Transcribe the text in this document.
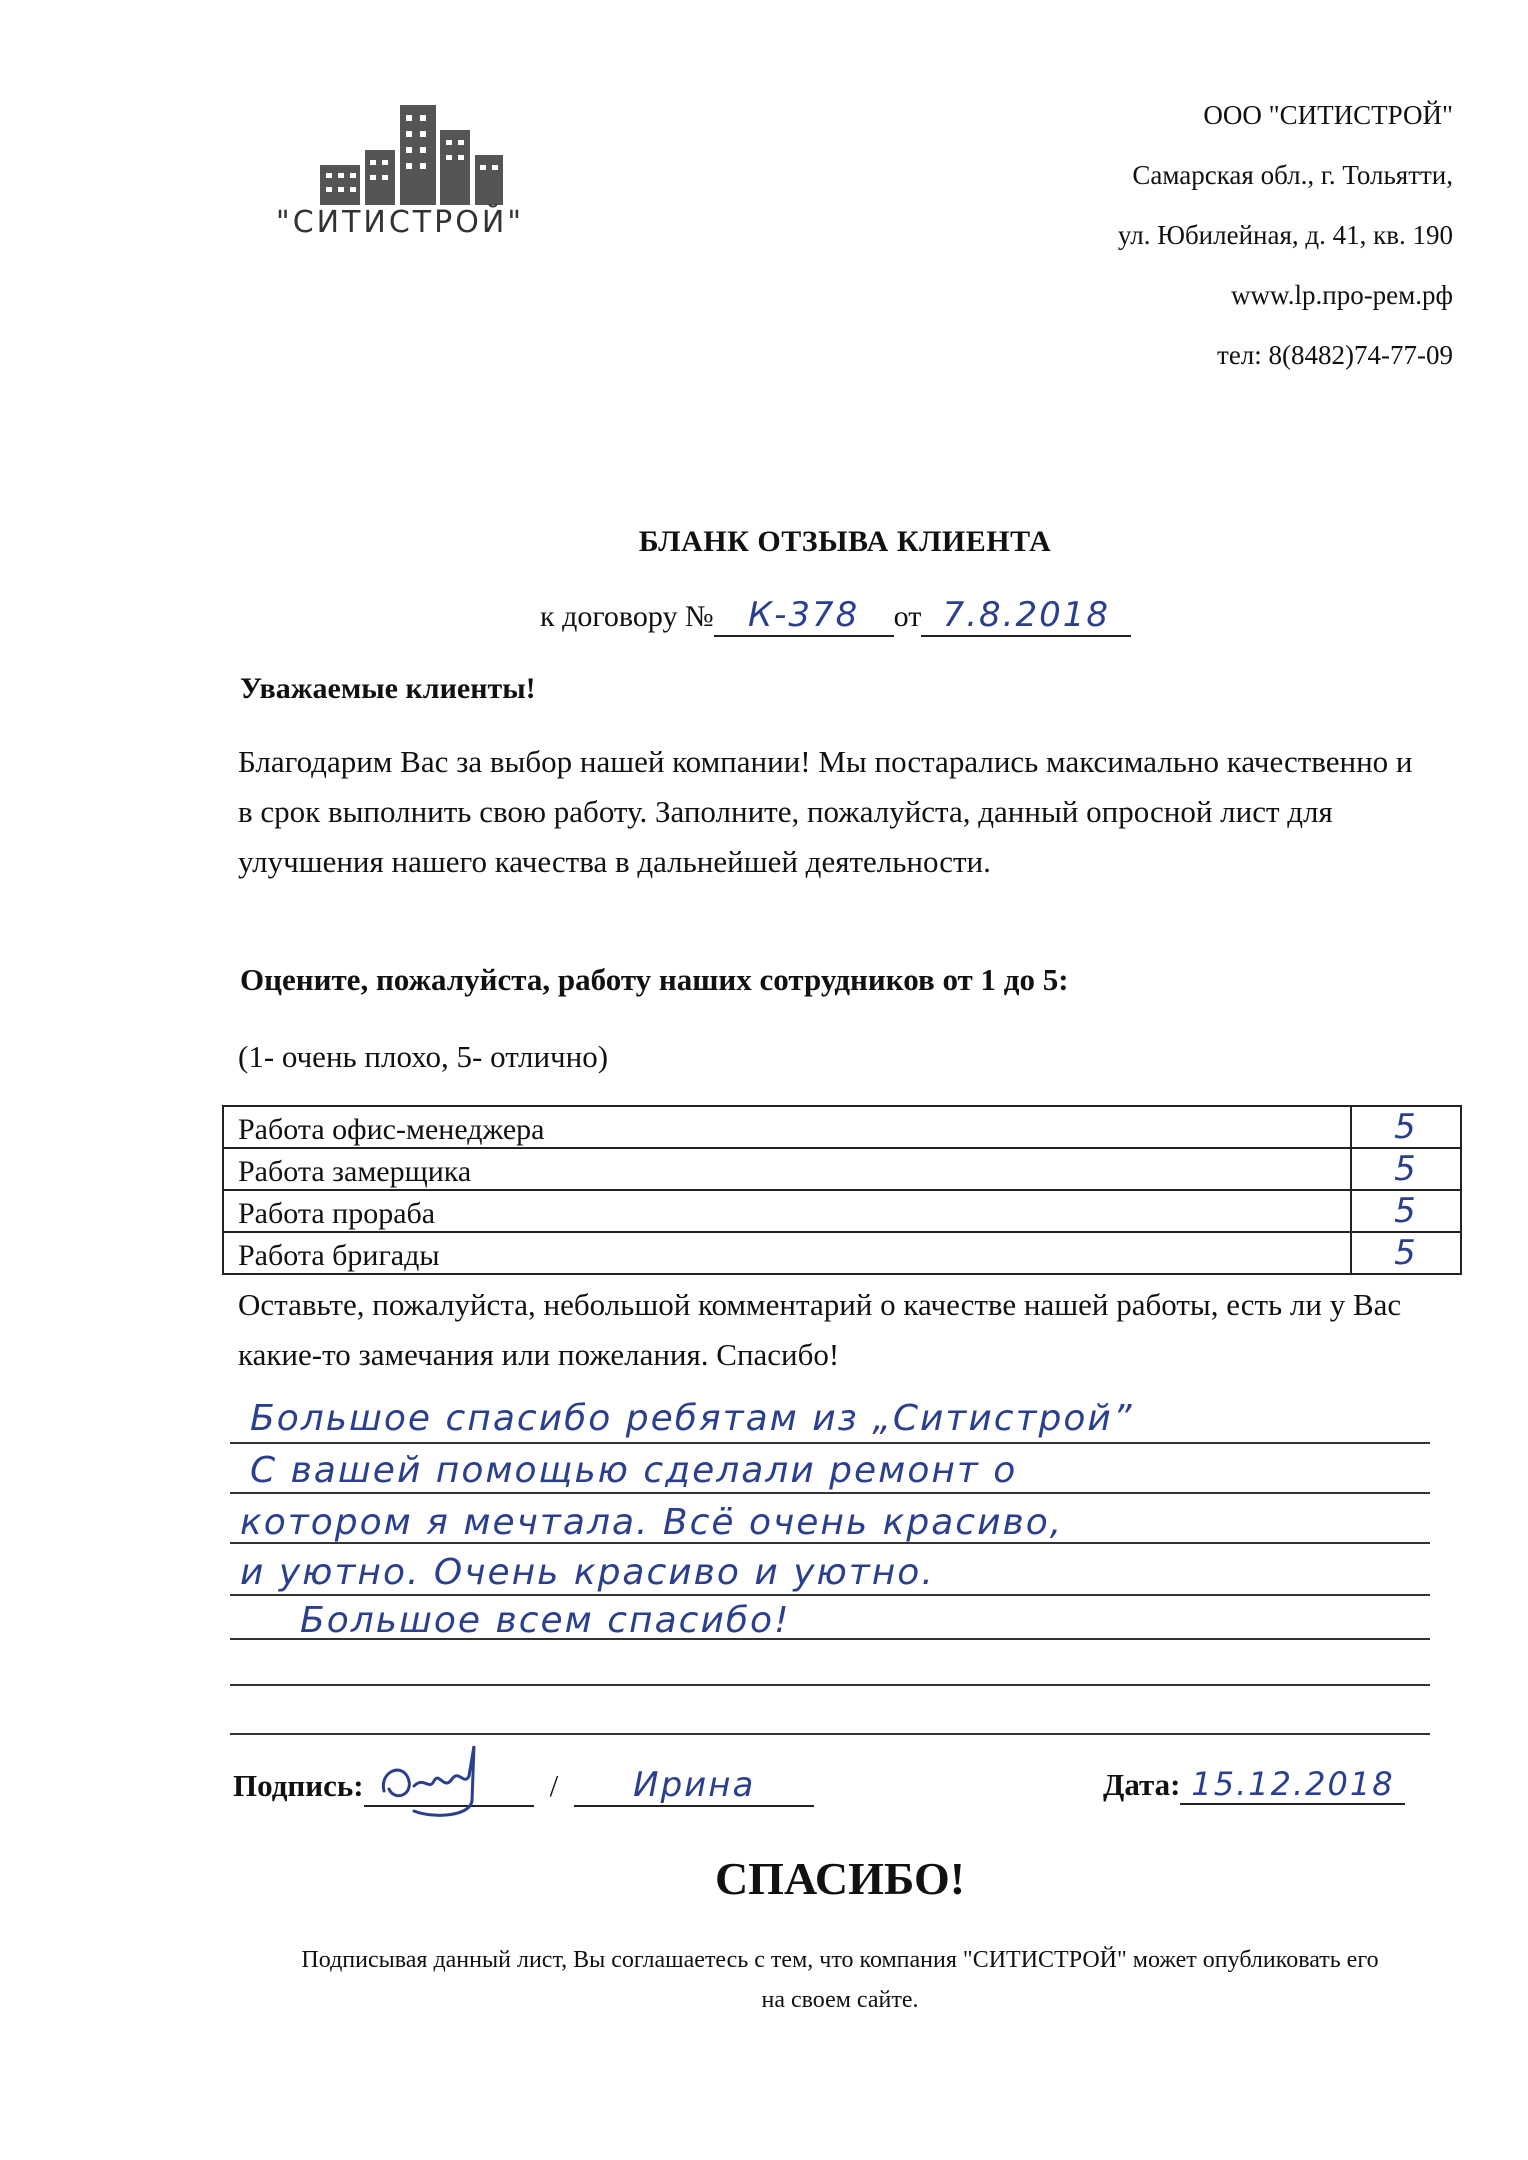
"СИТИСТРОЙ"
ООО "СИТИСТРОЙ"
Самарская обл., г. Тольятти,
ул. Юбилейная, д. 41, кв. 190
www.lp.про-рем.рф
тел: 8(8482)74-77-09
БЛАНК ОТЗЫВА КЛИЕНТА
к договору № К-378 от 7.8.2018
Уважаемые клиенты!
Благодарим Вас за выбор нашей компании! Мы постарались максимально качественно и в срок выполнить свою работу. Заполните, пожалуйста, данный опросной лист для улучшения нашего качества в дальнейшей деятельности.
Оцените, пожалуйста, работу наших сотрудников от 1 до 5:
(1- очень плохо, 5- отлично)
Работа офис-менеджера	5
Работа замерщика	5
Работа прораба	5
Работа бригады	5
Оставьте, пожалуйста, небольшой комментарий о качестве нашей работы, есть ли у Вас какие-то замечания или пожелания. Спасибо!
Большое спасибо ребятам из „Ситистрой”
С вашей помощью сделали ремонт о
котором я мечтала. Всё очень красиво,
и уютно. Очень красиво и уютно.
Большое всем спасибо!
Подпись:	/ Ирина	Дата: 15.12.2018
СПАСИБО!
Подписывая данный лист, Вы соглашаетесь с тем, что компания "СИТИСТРОЙ" может опубликовать его на своем сайте.
